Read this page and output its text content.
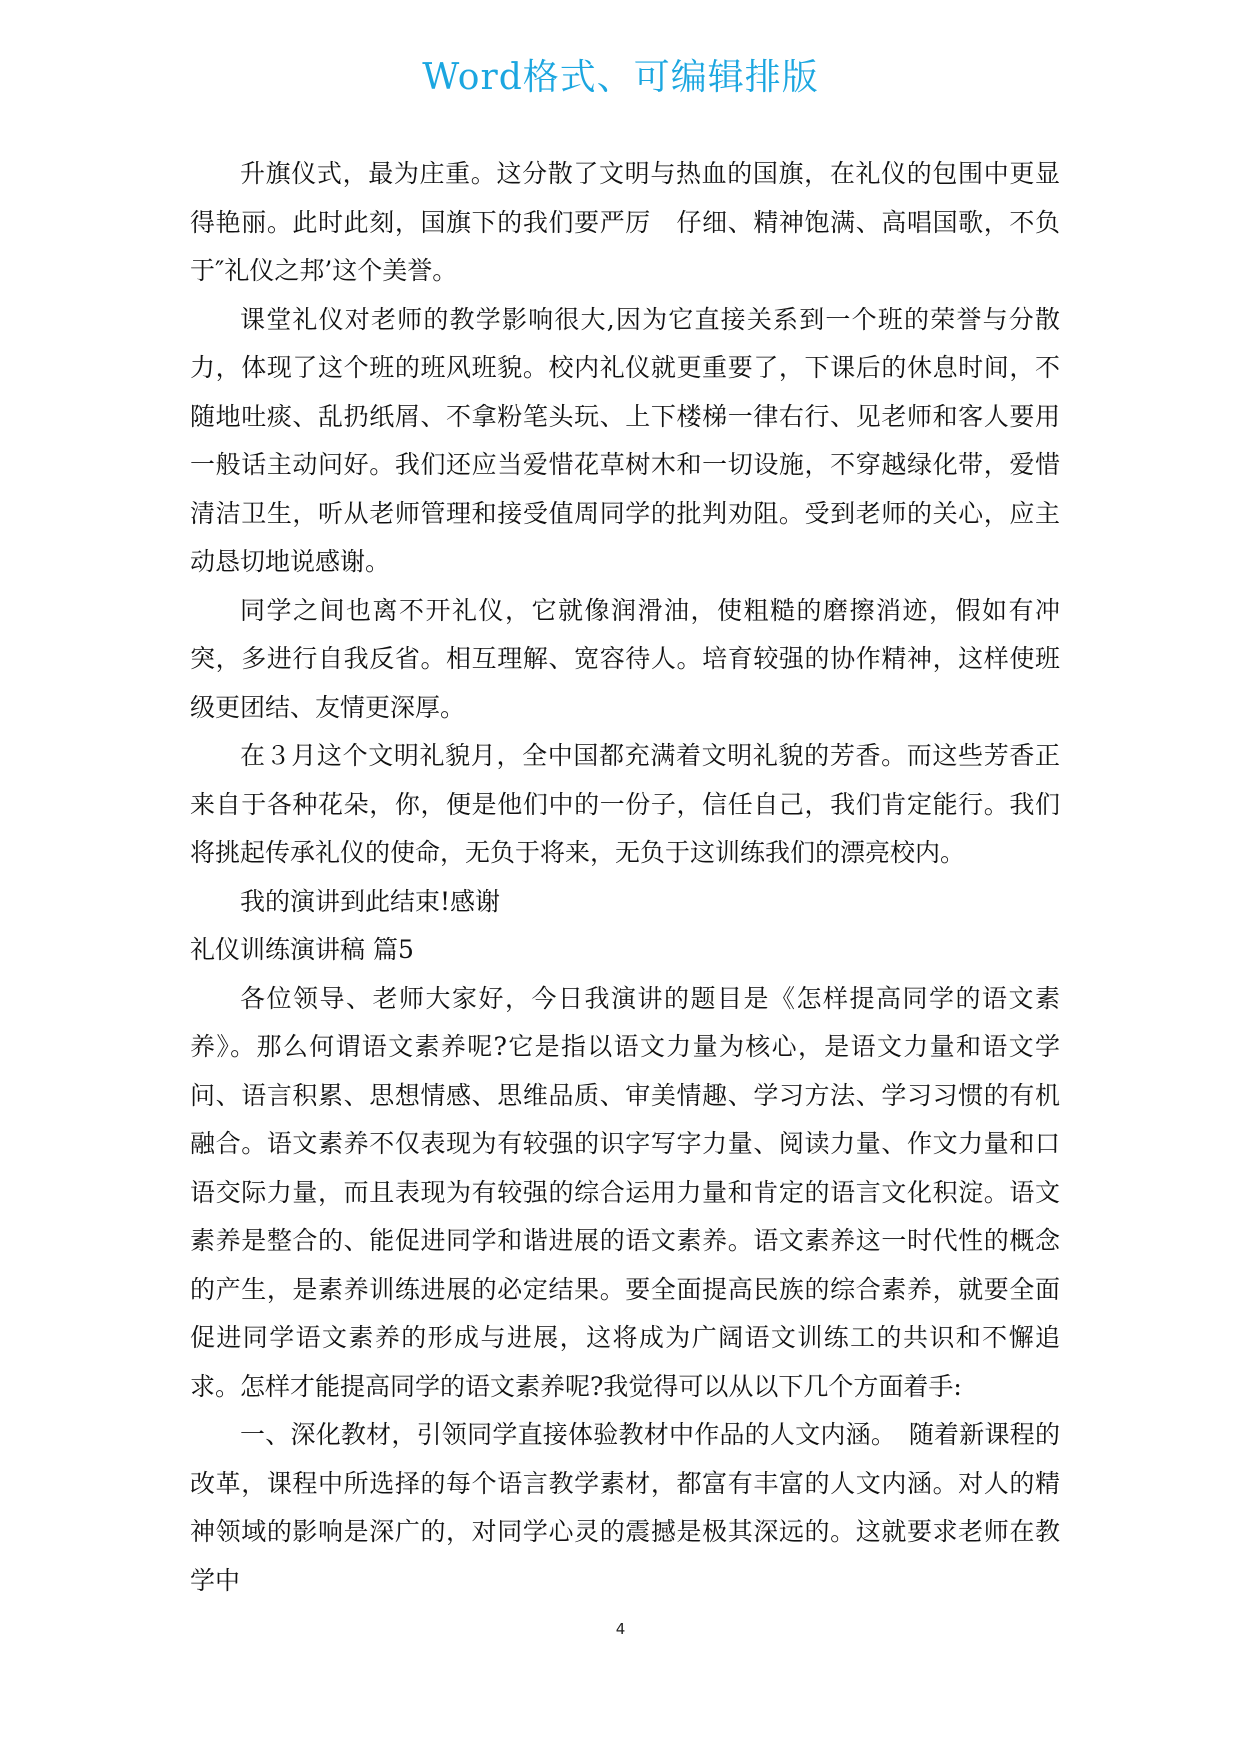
Word格式、可编辑排版

升旗仪式，最为庄重。这分散了文明与热血的国旗，在礼仪的包围中更显得艳丽。此时此刻，国旗下的我们要严厉　仔细、精神饱满、高唱国歌，不负于″礼仪之邦’这个美誉。

课堂礼仪对老师的教学影响很大,因为它直接关系到一个班的荣誉与分散力，体现了这个班的班风班貌。校内礼仪就更重要了，下课后的休息时间，不随地吐痰、乱扔纸屑、不拿粉笔头玩、上下楼梯一律右行、见老师和客人要用一般话主动问好。我们还应当爱惜花草树木和一切设施，不穿越绿化带，爱惜清洁卫生，听从老师管理和接受值周同学的批判劝阻。受到老师的关心，应主动恳切地说感谢。

同学之间也离不开礼仪，它就像润滑油，使粗糙的磨擦消迹，假如有冲突，多进行自我反省。相互理解、宽容待人。培育较强的协作精神，这样使班级更团结、友情更深厚。

在３月这个文明礼貌月，全中国都充满着文明礼貌的芳香。而这些芳香正来自于各种花朵，你，便是他们中的一份子，信任自己，我们肯定能行。我们将挑起传承礼仪的使命，无负于将来，无负于这训练我们的漂亮校内。

我的演讲到此结束!感谢

礼仪训练演讲稿 篇5

各位领导、老师大家好，今日我演讲的题目是《怎样提高同学的语文素养》。那么何谓语文素养呢?它是指以语文力量为核心，是语文力量和语文学问、语言积累、思想情感、思维品质、审美情趣、学习方法、学习习惯的有机融合。语文素养不仅表现为有较强的识字写字力量、阅读力量、作文力量和口语交际力量，而且表现为有较强的综合运用力量和肯定的语言文化积淀。语文素养是整合的、能促进同学和谐进展的语文素养。语文素养这一时代性的概念的产生，是素养训练进展的必定结果。要全面提高民族的综合素养，就要全面促进同学语文素养的形成与进展，这将成为广阔语文训练工的共识和不懈追求。怎样才能提高同学的语文素养呢?我觉得可以从以下几个方面着手:

一、深化教材，引领同学直接体验教材中作品的人文内涵。　随着新课程的改革，课程中所选择的每个语言教学素材，都富有丰富的人文内涵。对人的精神领域的影响是深广的，对同学心灵的震撼是极其深远的。这就要求老师在教学中

4
